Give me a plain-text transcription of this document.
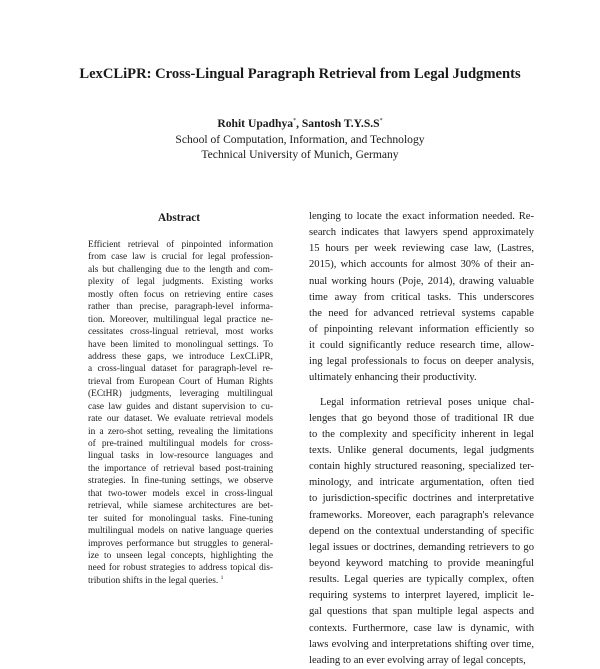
LexCLiPR: Cross-Lingual Paragraph Retrieval from Legal Judgments
Rohit Upadhya*, Santosh T.Y.S.S*
School of Computation, Information, and Technology
Technical University of Munich, Germany
Abstract
Efficient retrieval of pinpointed information
from case law is crucial for legal profession-
als but challenging due to the length and com-
plexity of legal judgments. Existing works
mostly often focus on retrieving entire cases
rather than precise, paragraph-level informa-
tion. Moreover, multilingual legal practice ne-
cessitates cross-lingual retrieval, most works
have been limited to monolingual settings. To
address these gaps, we introduce LexCLiPR,
a cross-lingual dataset for paragraph-level re-
trieval from European Court of Human Rights
(ECtHR) judgments, leveraging multilingual
case law guides and distant supervision to cu-
rate our dataset. We evaluate retrieval models
in a zero-shot setting, revealing the limitations
of pre-trained multilingual models for cross-
lingual tasks in low-resource languages and
the importance of retrieval based post-training
strategies. In fine-tuning settings, we observe
that two-tower models excel in cross-lingual
retrieval, while siamese architectures are bet-
ter suited for monolingual tasks. Fine-tuning
multilingual models on native language queries
improves performance but struggles to general-
ize to unseen legal concepts, highlighting the
need for robust strategies to address topical dis-
tribution shifts in the legal queries. $^1$
lenging to locate the exact information needed. Re-
search indicates that lawyers spend approximately
15 hours per week reviewing case law, (Lastres,
2015), which accounts for almost 30% of their an-
nual working hours (Poje, 2014), drawing valuable
time away from critical tasks. This underscores
the need for advanced retrieval systems capable
of pinpointing relevant information efficiently so
it could significantly reduce research time, allow-
ing legal professionals to focus on deeper analysis,
ultimately enhancing their productivity.
Legal information retrieval poses unique chal-
lenges that go beyond those of traditional IR due
to the complexity and specificity inherent in legal
texts. Unlike general documents, legal judgments
contain highly structured reasoning, specialized ter-
minology, and intricate argumentation, often tied
to jurisdiction-specific doctrines and interpretative
frameworks. Moreover, each paragraph's relevance
depend on the contextual understanding of specific
legal issues or doctrines, demanding retrievers to go
beyond keyword matching to provide meaningful
results. Legal queries are typically complex, often
requiring systems to interpret layered, implicit le-
gal questions that span multiple legal aspects and
contexts. Furthermore, case law is dynamic, with
laws evolving and interpretations shifting over time,
leading to an ever evolving array of legal concepts,
